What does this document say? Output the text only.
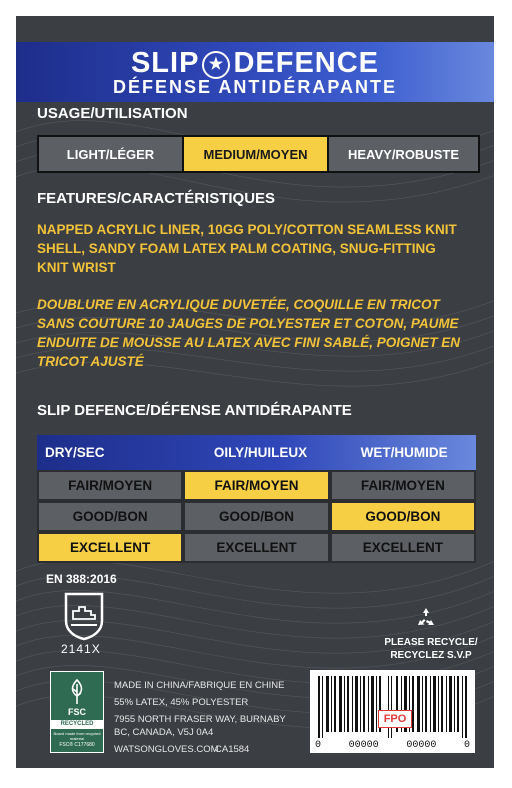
SLIP ★ DEFENCE
DÉFENSE ANTIDÉRAPANTE
USAGE/UTILISATION
LIGHT/LÉGER	MEDIUM/MOYEN	HEAVY/ROBUSTE
FEATURES/CARACTÉRISTIQUES
NAPPED ACRYLIC LINER, 10GG POLY/COTTON SEAMLESS KNIT SHELL, SANDY FOAM LATEX PALM COATING, SNUG-FITTING KNIT WRIST
DOUBLURE EN ACRYLIQUE DUVETÉE, COQUILLE EN TRICOT SANS COUTURE 10 JAUGES DE POLYESTER ET COTON, PAUME ENDUITE DE MOUSSE AU LATEX AVEC FINI SABLÉ, POIGNET EN TRICOT AJUSTÉ
SLIP DEFENCE/DÉFENSE ANTIDÉRAPANTE
DRY/SEC	OILY/HUILEUX	WET/HUMIDE
FAIR/MOYEN	FAIR/MOYEN	FAIR/MOYEN
GOOD/BON	GOOD/BON	GOOD/BON
EXCELLENT	EXCELLENT	EXCELLENT
EN 388:2016
2141X	PLEASE RECYCLE/
RECYCLEZ S.V.P
FSC
RECYCLED
Board made from recycled material
FSC® C177680
MADE IN CHINA/FABRIQUE EN CHINE
55% LATEX, 45% POLYESTER
7955 NORTH FRASER WAY, BURNABY
BC, CANADA, V5J 0A4
WATSONGLOVES.COM
CA1584
FPO
0	00000	00000	0
